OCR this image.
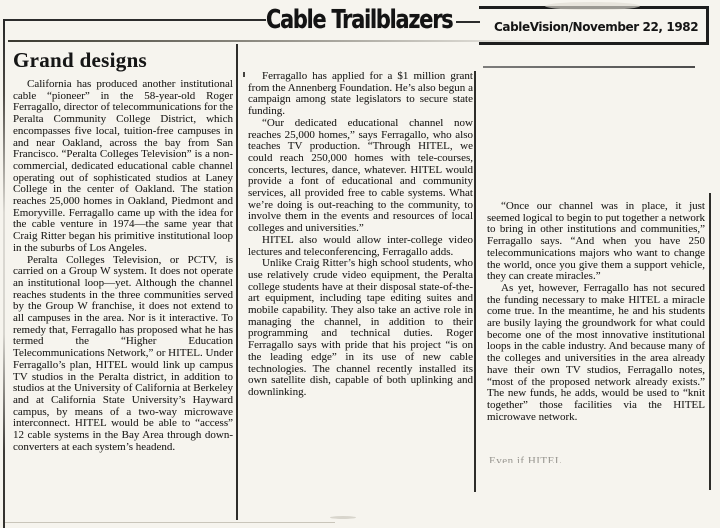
Cable Trailblazers	CableVision/November 22, 1982
Grand designs

California has produced another institutional cable “pioneer” in the 58-year-old Roger Ferragallo, director of telecommunications for the Peralta Community College District, which encompasses five local, tuition-free campuses in and near Oakland, across the bay from San Francisco. “Peralta Colleges Television” is a non-commercial, dedicated educational cable channel operating out of sophisticated studios at Laney College in the center of Oakland. The station reaches 25,000 homes in Oakland, Piedmont and Emoryville. Ferragallo came up with the idea for the cable venture in 1974—the same year that Craig Ritter began his primitive institutional loop in the suburbs of Los Angeles.

Peralta Colleges Television, or PCTV, is carried on a Group W system. It does not operate an institutional loop—yet. Although the channel reaches students in the three communities served by the Group W franchise, it does not extend to all campuses in the area. Nor is it interactive. To remedy that, Ferragallo has proposed what he has termed the “Higher Education Telecommunications Network,” or HITEL. Under Ferragallo’s plan, HITEL would link up campus TV studios in the Peralta district, in addition to studios at the University of California at Berkeley and at California State University’s Hayward campus, by means of a two-way microwave interconnect. HITEL would be able to “access” 12 cable systems in the Bay Area through down-converters at each system’s headend.

Ferragallo has applied for a $1 million grant from the Annenberg Foundation. He’s also begun a campaign among state legislators to secure state funding.

“Our dedicated educational channel now reaches 25,000 homes,” says Ferragallo, who also teaches TV production. “Through HITEL, we could reach 250,000 homes with tele-courses, concerts, lectures, dance, whatever. HITEL would provide a font of educational and community services, all provided free to cable systems. What we’re doing is out-reaching to the community, to involve them in the events and resources of local colleges and universities.”

HITEL also would allow inter-college video lectures and teleconferencing, Ferragallo adds.

Unlike Craig Ritter’s high school students, who use relatively crude video equipment, the Peralta college students have at their disposal state-of-the-art equipment, including tape editing suites and mobile capability. They also take an active role in managing the channel, in addition to their programming and technical duties. Roger Ferragallo says with pride that his project “is on the leading edge” in its use of new cable technologies. The channel recently installed its own satellite dish, capable of both uplinking and downlinking.

“Once our channel was in place, it just seemed logical to begin to put together a network to bring in other institutions and communities,” Ferragallo says. “And when you have 250 telecommunications majors who want to change the world, once you give them a support vehicle, they can create miracles.”

As yet, however, Ferragallo has not secured the funding necessary to make HITEL a miracle come true. In the meantime, he and his students are busily laying the groundwork for what could become one of the most innovative institutional loops in the cable industry. And because many of the colleges and universities in the area already have their own TV studios, Ferragallo notes, “most of the proposed network already exists.” The new funds, he adds, would be used to “knit together” those facilities via the HITEL microwave network.

Even if HITEL
